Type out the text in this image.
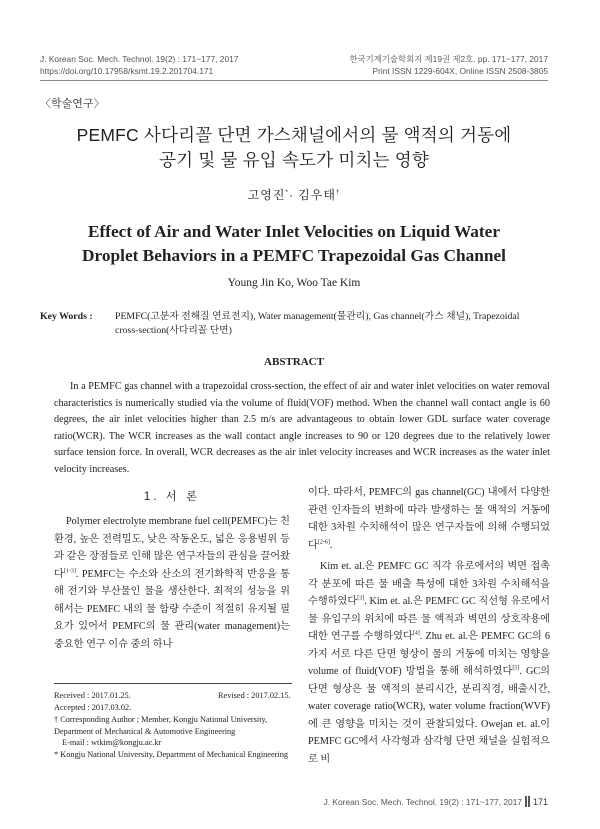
J. Korean Soc. Mech. Technol. 19(2) : 171~177, 2017
https://doi.org/10.17958/ksmt.19.2.201704.171
한국기계기술학회지 제19권 제2호. pp. 171~177, 2017
Print ISSN 1229-604X, Online ISSN 2508-3805
〈학술연구〉
PEMFC 사다리꼴 단면 가스채널에서의 물 액적의 거동에
공기 및 물 유입 속도가 미치는 영향
고영진*· 김우태†
Effect of Air and Water Inlet Velocities on Liquid Water
Droplet Behaviors in a PEMFC Trapezoidal Gas Channel
Young Jin Ko, Woo Tae Kim
Key Words : PEMFC(고분자 전해질 연료전지), Water management(물관리), Gas channel(가스 채널), Trapezoidal
cross-section(사다리꼴 단면)
ABSTRACT
In a PEMFC gas channel with a trapezoidal cross-section, the effect of air and water inlet velocities on water removal characteristics is numerically studied via the volume of fluid(VOF) method. When the channel wall contact angle is 60 degrees, the air inlet velocities higher than 2.5 m/s are advantageous to obtain lower GDL surface water coverage ratio(WCR). The WCR increases as the wall contact angle increases to 90 or 120 degrees due to the relatively lower surface tension force. In overall, WCR decreases as the air inlet velocity increases and WCR increases as the water inlet velocity increases.
1. 서 론

Polymer electrolyte membrane fuel cell(PEMFC)는 친환경, 높은 전력밀도, 낮은 작동온도, 넓은 응용범위 등과 같은 장점들로 인해 많은 연구자들의 관심을 끌어왔다[1-3]. PEMFC는 수소와 산소의 전기화학적 반응을 통해 전기와 부산물인 물을 생산한다. 최적의 성능을 위해서는 PEMFC 내의 물 함량 수준이 적절히 유지될 필요가 있어서 PEMFC의 물 관리(water management)는 중요한 연구 이슈 중의 하나

Received : 2017.01.25.	Revised : 2017.02.15.
Accepted : 2017.03.02.
† Corresponding Author ; Member, Kongju National University, Department of Mechanical & Automotive Engineering
E-mail : wtkim@kongju.ac.kr
* Kongju National University, Department of Mechanical Engineering

이다. 따라서, PEMFC의 gas channel(GC) 내에서 다양한 관련 인자들의 변화에 따라 발생하는 물 액적의 거동에 대한 3차원 수치해석이 많은 연구자들에 의해 수행되었다[2-6].

Kim et. al.은 PEMFC GC 직각 유로에서의 벽면 접촉각 분포에 따른 물 배출 특성에 대한 3차원 수치해석을 수행하였다[3]. Kim et. al.은 PEMFC GC 직선형 유로에서 물 유입구의 위치에 따른 물 액적과 벽면의 상호작용에 대한 연구를 수행하였다[4]. Zhu et. al.은 PEMFC GC의 6가지 서로 다른 단면 형상이 물의 거동에 미치는 영향을 volume of fluid(VOF) 방법을 통해 해석하였다[5]. GC의 단면 형상은 물 액적의 분리시간, 분리직경, 배출시간, water coverage ratio(WCR), water volume fraction(WVF)에 큰 영향을 미치는 것이 관찰되었다. Owejan et. al.이 PEMFC GC에서 사각형과 삼각형 단면 채널을 실험적으로 비

J. Korean Soc. Mech. Technol. 19(2) : 171~177, 2017 171
